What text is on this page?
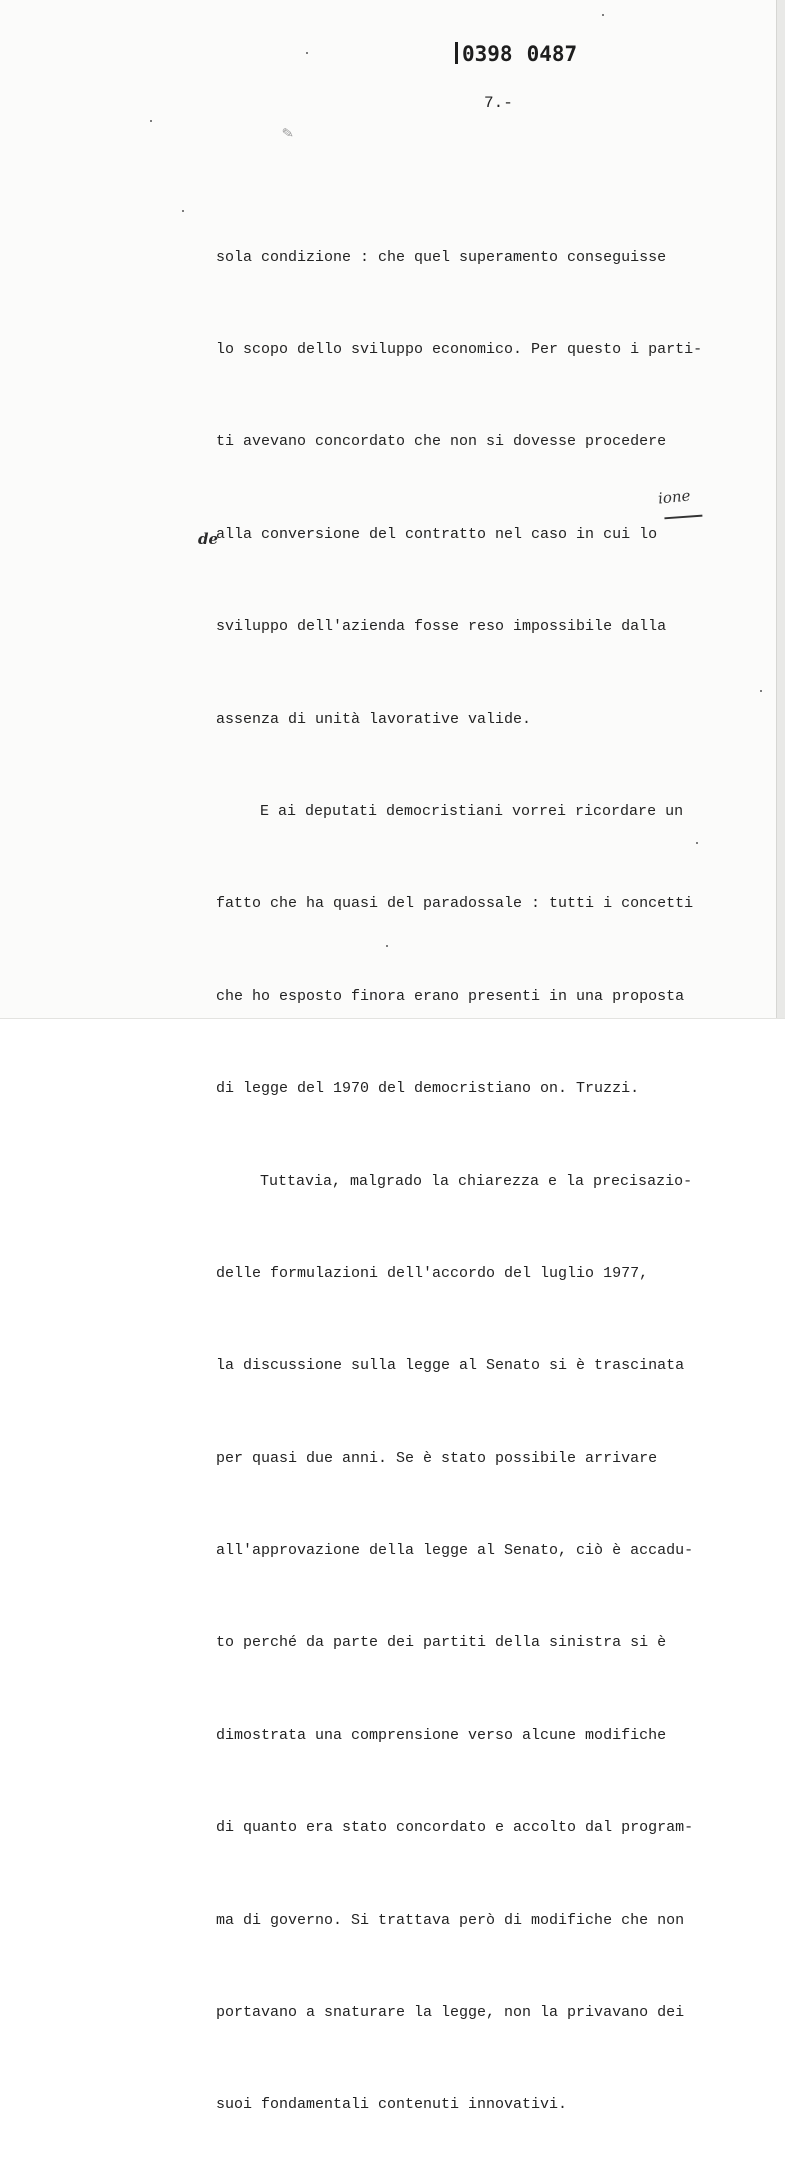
0398 0487
7.-
✎

sola condizione : che quel superamento conseguisse

lo scopo dello sviluppo economico. Per questo i parti-

ti avevano concordato che non si dovesse procedere

alla conversione del contratto nel caso in cui lo

sviluppo dell'azienda fosse reso impossibile dalla

assenza di unità lavorative valide.

E ai deputati democristiani vorrei ricordare un

fatto che ha quasi del paradossale : tutti i concetti

che ho esposto finora erano presenti in una proposta

di legge del 1970 del democristiano on. Truzzi.

Tuttavia, malgrado la chiarezza e la precisazio-

delle formulazioni dell'accordo del luglio 1977,

la discussione sulla legge al Senato si è trascinata

per quasi due anni. Se è stato possibile arrivare

all'approvazione della legge al Senato, ciò è accadu-

to perché da parte dei partiti della sinistra si è

dimostrata una comprensione verso alcune modifiche

di quanto era stato concordato e accolto dal program-

ma di governo. Si trattava però di modifiche che non

portavano a snaturare la legge, non la privavano dei

suoi fondamentali contenuti innovativi.

ione
de
